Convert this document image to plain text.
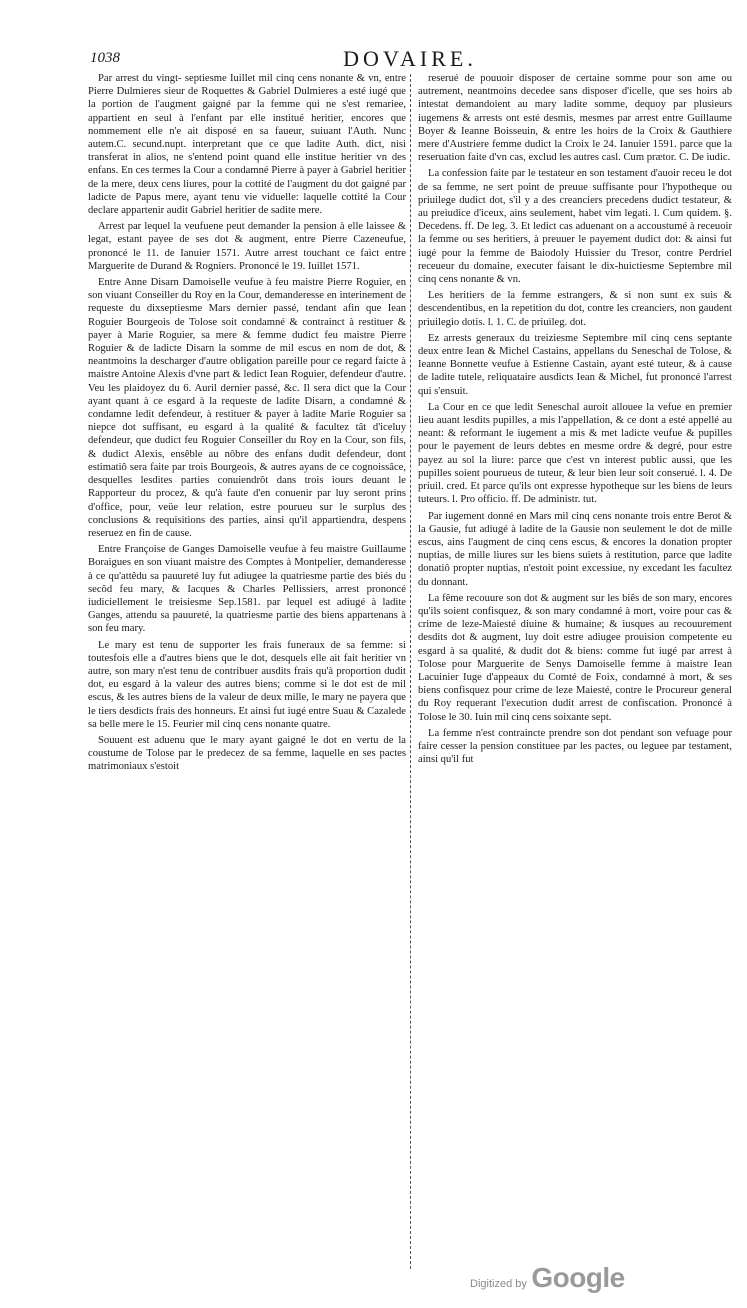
1038	DOVAIRE.

Par arrest du vingt- septiesme Iuillet mil cinq cens nonante & vn, entre Pierre Dulmieres sieur de Roquettes & Gabriel Dulmieres a esté iugé que la portion de l'augment gaigné par la femme qui ne s'est remariee, appartient en seul à l'enfant par elle institué heritier, encores que nommement elle n'e ait disposé en sa faueur, suiuant l'Auth. Nunc autem.C. secund.nupt. interpretant que ce que ladite Auth. dict, nisi transferat in alios, ne s'entend point quand elle institue heritier vn des enfans. En ces termes la Cour a condamné Pierre à payer à Gabriel heritier de la mere, deux cens liures, pour la cottité de l'augment du dot gaigné par ladicte de Papus mere, ayant tenu vie viduelle: laquelle cottité la Cour declare appartenir audit Gabriel heritier de sadite mere.

Arrest par lequel la veufuene peut demander la pension à elle laissee & legat, estant payee de ses dot & augment, entre Pierre Cazeneufue, prononcé le 11. de Ianuier 1571. Autre arrest touchant ce faict entre Marguerite de Durand & Rogniers. Prononcé le 19. Iuillet 1571.

Entre Anne Disarn Damoiselle veufue à feu maistre Pierre Roguier, en son viuant Conseiller du Roy en la Cour, demanderesse en interinement de requeste du dixseptiesme Mars dernier passé, tendant afin que Iean Roguier Bourgeois de Tolose soit condamné & contrainct à restituer & payer à Marie Roguier, sa mere & femme dudict feu maistre Pierre Roguier & de ladicte Disarn la somme de mil escus en nom de dot, & neantmoins la descharger d'autre obligation pareille pour ce regard faicte à maistre Antoine Alexis d'vne part & ledict Iean Roguier, defendeur d'autre. Veu les plaidoyez du 6. Auril dernier passé, &c. Il sera dict que la Cour ayant quant à ce esgard à la requeste de ladite Disarn, a condamné & condamne ledit defendeur, à restituer & payer à ladite Marie Roguier sa niepce dot suffisant, eu esgard à la qualité & facultez tât d'iceluy defendeur, que dudict feu Roguier Conseiller du Roy en la Cour, son fils, & dudict Alexis, ensêble au nôbre des enfans dudit defendeur, dont estimatiô sera faite par trois Bourgeois, & autres ayans de ce cognoissâce, desquelles lesdites parties conuiendrôt dans trois iours deuant le Rapporteur du procez, & qu'à faute d'en conuenir par luy seront prins d'office, pour, veüe leur relation, estre pourueu sur le surplus des conclusions & requisitions des parties, ainsi qu'il appartiendra, despens reseruez en fin de cause.

Entre Françoise de Ganges Damoiselle veufue à feu maistre Guillaume Boraigues en son viuant maistre des Comptes à Montpelier, demanderesse à ce qu'attêdu sa pauureté luy fut adiugee la quatriesme partie des biés du secôd feu mary, & Iacques & Charles Pellissiers, arrest prononcé iudiciellement le treisiesme Sep.1581. par lequel est adiugé à ladite Ganges, attendu sa pauureté, la quatriesme partie des biens appartenans à son feu mary.

Le mary est tenu de supporter les frais funeraux de sa femme: si toutesfois elle a d'autres biens que le dot, desquels elle ait fait heritier vn autre, son mary n'est tenu de contribuer ausdits frais qu'à proportion dudit dot, eu esgard à la valeur des autres biens; comme si le dot est de mil escus, & les autres biens de la valeur de deux mille, le mary ne payera que le tiers desdicts frais des honneurs. Et ainsi fut iugé entre Suau & Cazalede sa belle mere le 15. Feurier mil cinq cens nonante quatre.

Souuent est aduenu que le mary ayant gaigné le dot en vertu de la coustume de Tolose par le predecez de sa femme, laquelle en ses pactes matrimoniaux s'estoit

reserué de pouuoir disposer de certaine somme pour son ame ou autrement, neantmoins decedee sans disposer d'icelle, que ses hoirs ab intestat demandoient au mary ladite somme, dequoy par plusieurs iugemens & arrests ont esté desmis, mesmes par arrest entre Guillaume Boyer & Ieanne Boisseuin, & entre les hoirs de la Croix & Gauthiere mere d'Austriere femme dudict la Croix le 24. Ianuier 1591. parce que la reseruation faite d'vn cas, exclud les autres casl. Cum prætor. C. De iudic.

La confession faite par le testateur en son testament d'auoir receu le dot de sa femme, ne sert point de preuue suffisante pour l'hypotheque ou priuilege dudict dot, s'il y a des creanciers precedens dudict testateur, & au preiudice d'iceux, ains seulement, habet vim legati. l. Cum quidem. §. Decedens. ff. De leg. 3. Et ledict cas aduenant on a accoustumé à receuoir la femme ou ses heritiers, à preuuer le payement dudict dot: & ainsi fut iugé pour la femme de Baiodoly Huissier du Tresor, contre Perdriel receueur du domaine, executer faisant le dix-huictiesme Septembre mil cinq cens nonante & vn.

Les heritiers de la femme estrangers, & si non sunt ex suis & descendentibus, en la repetition du dot, contre les creanciers, non gaudent priuilegio dotis. l. 1. C. de priuileg. dot.

Ez arrests generaux du treiziesme Septembre mil cinq cens septante deux entre Iean & Michel Castains, appellans du Seneschal de Tolose, & Ieanne Bonnette veufue à Estienne Castain, ayant esté tuteur, & à cause de ladite tutele, reliquataire ausdicts Iean & Michel, fut prononcé l'arrest qui s'ensuit.

La Cour en ce que ledit Seneschal auroit allouee la vefue en premier lieu auant lesdits pupilles, a mis l'appellation, & ce dont a esté appellé au neant: & reformant le iugement a mis & met ladicte veufue & pupilles pour le payement de leurs debtes en mesme ordre & degré, pour estre payez au sol la liure: parce que c'est vn interest public aussi, que les pupilles soient pourueus de tuteur, & leur bien leur soit conserué. l. 4. De priuil. cred. Et parce qu'ils ont expresse hypotheque sur les biens de leurs tuteurs. l. Pro officio. ff. De administr. tut.

Par iugement donné en Mars mil cinq cens nonante trois entre Berot & la Gausie, fut adiugé à ladite de la Gausie non seulement le dot de mille escus, ains l'augment de cinq cens escus, & encores la donation propter nuptias, de mille liures sur les biens suiets à restitution, parce que ladite donatiô propter nuptias, n'estoit point excessiue, ny excedant les facultez du donnant.

La fême recouure son dot & augment sur les biês de son mary, encores qu'ils soient confisquez, & son mary condamné à mort, voire pour cas & crime de leze-Maiesté diuine & humaine; & iusques au recouurement desdits dot & augment, luy doit estre adiugee prouision competente eu esgard à sa qualité, & dudit dot & biens: comme fut iugé par arrest à Tolose pour Marguerite de Senys Damoiselle femme à maistre Iean Lacuinier Iuge d'appeaux du Comté de Foix, condamné à mort, & ses biens confisquez pour crime de leze Maiesté, contre le Procureur general du Roy requerant l'execution dudit arrest de confiscation. Prononcé à Tolose le 30. Iuin mil cinq cens soixante sept.

La femme n'est contraincte prendre son dot pendant son vefuage pour faire cesser la pension constituee par les pactes, ou leguee par testament, ainsi qu'il fut

Digitized by Google
